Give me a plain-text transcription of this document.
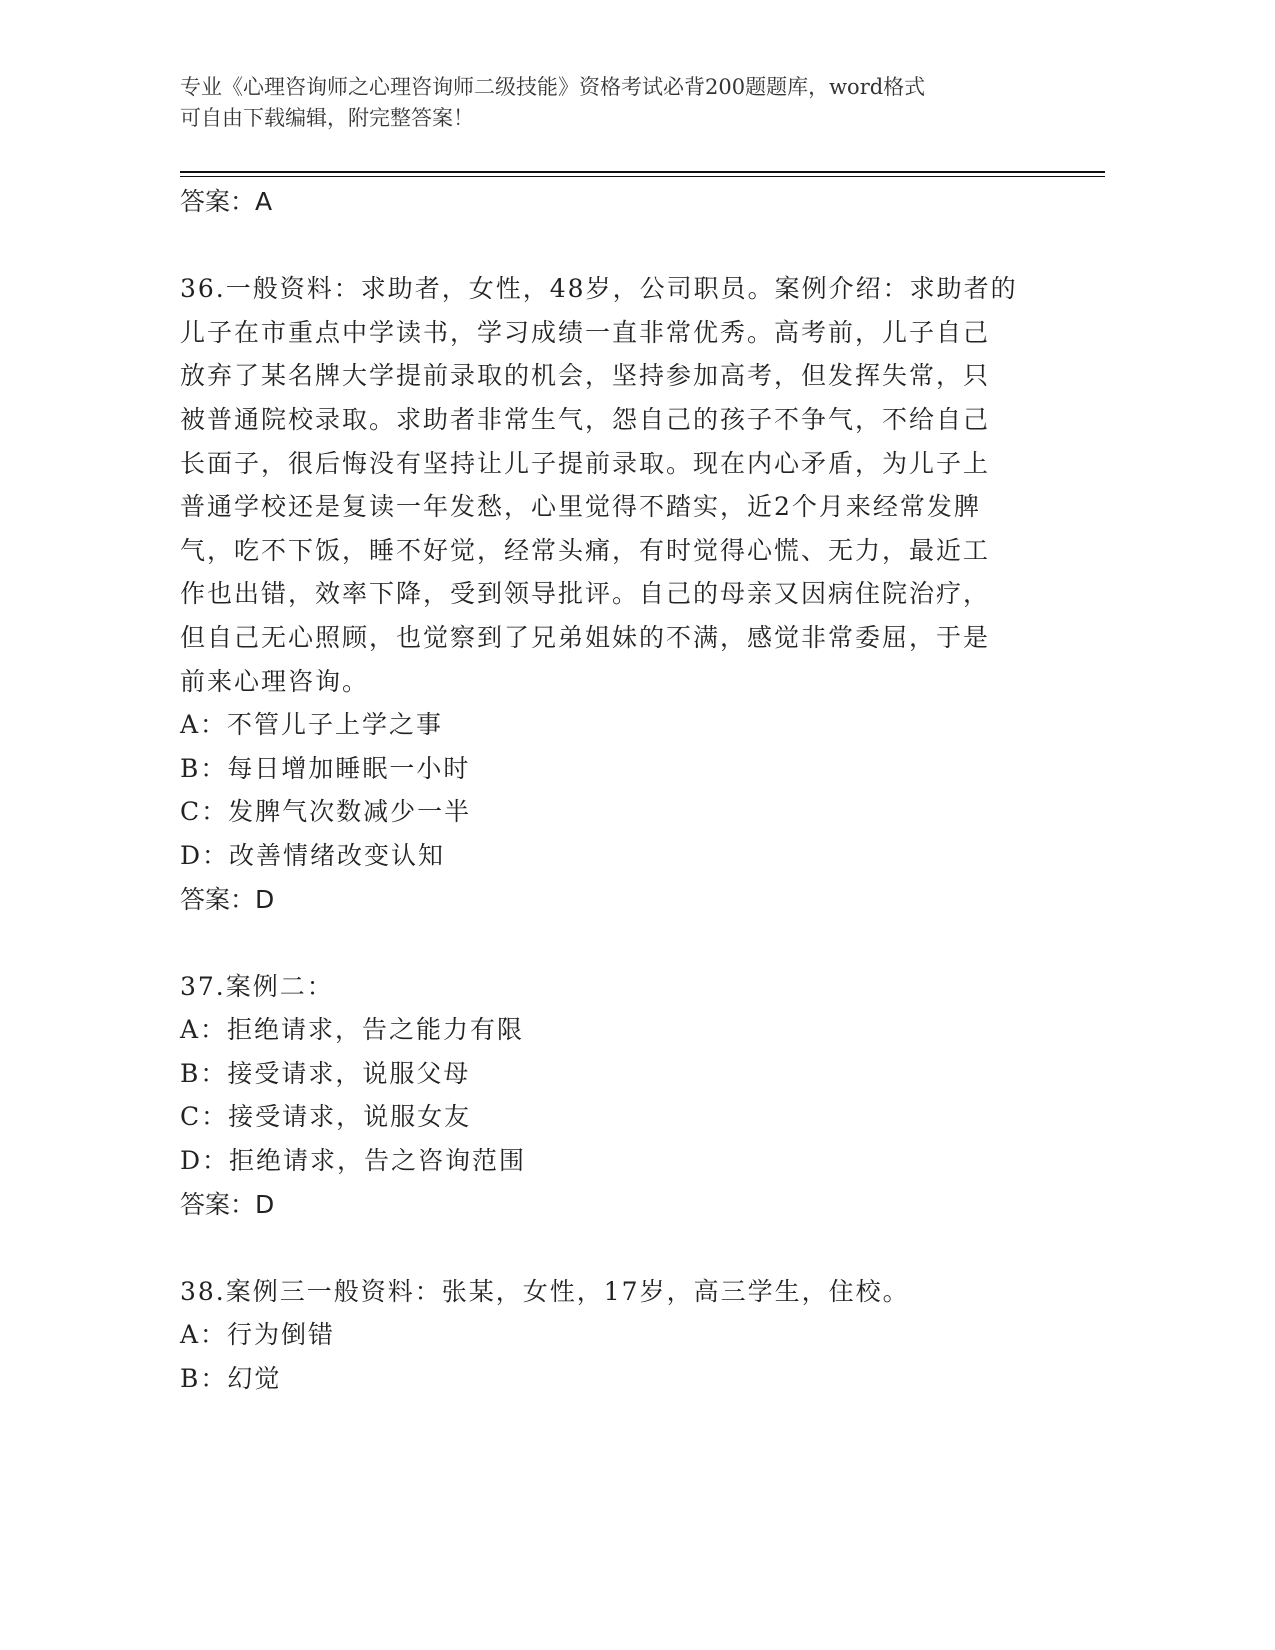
专业《心理咨询师之心理咨询师二级技能》资格考试必背200题题库，word格式
可自由下载编辑，附完整答案！
答案：A
36.一般资料：求助者，女性，48岁，公司职员。案例介绍：求助者的
儿子在市重点中学读书，学习成绩一直非常优秀。高考前，儿子自己
放弃了某名牌大学提前录取的机会，坚持参加高考，但发挥失常，只
被普通院校录取。求助者非常生气，怨自己的孩子不争气，不给自己
长面子，很后悔没有坚持让儿子提前录取。现在内心矛盾，为儿子上
普通学校还是复读一年发愁，心里觉得不踏实，近2个月来经常发脾
气，吃不下饭，睡不好觉，经常头痛，有时觉得心慌、无力，最近工
作也出错，效率下降，受到领导批评。自己的母亲又因病住院治疗，
但自己无心照顾，也觉察到了兄弟姐妹的不满，感觉非常委屈，于是
前来心理咨询。
A：不管儿子上学之事
B：每日增加睡眠一小时
C：发脾气次数减少一半
D：改善情绪改变认知
答案：D
37.案例二：
A：拒绝请求，告之能力有限
B：接受请求，说服父母
C：接受请求，说服女友
D：拒绝请求，告之咨询范围
答案：D
38.案例三一般资料：张某，女性，17岁，高三学生，住校。
A：行为倒错
B：幻觉
